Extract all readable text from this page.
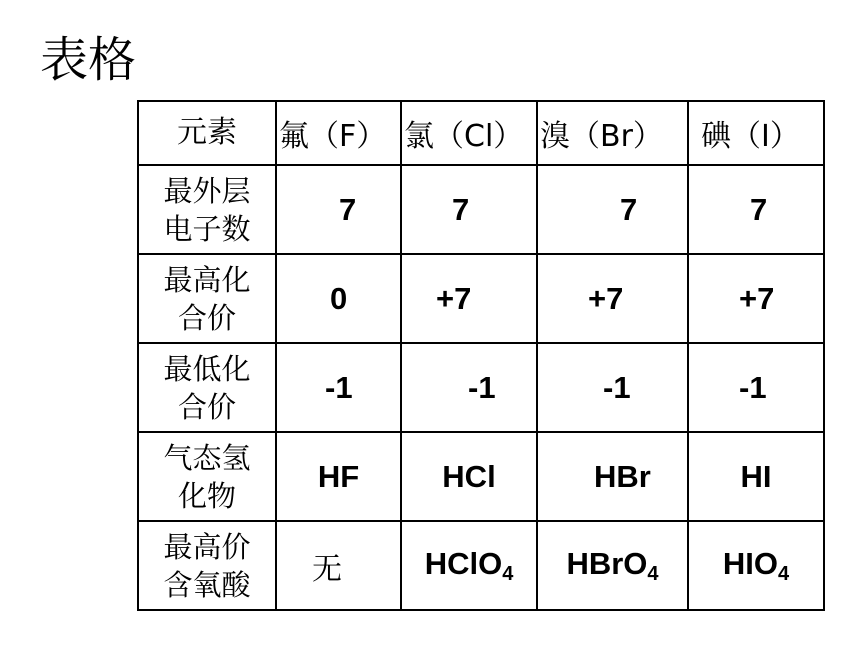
表格
元素	氟（F）	氯（Cl）	溴（Br）	碘（I）

最外层
电子数	7	7	7	7

最高化
合价	0	+7	+7	+7

最低化
合价	-1	-1	-1	-1

气态氢
化物	HF	HCl	HBr	HI

最高价
含氧酸	无	HClO$_4$	HBrO$_4$	$HIO_4$
